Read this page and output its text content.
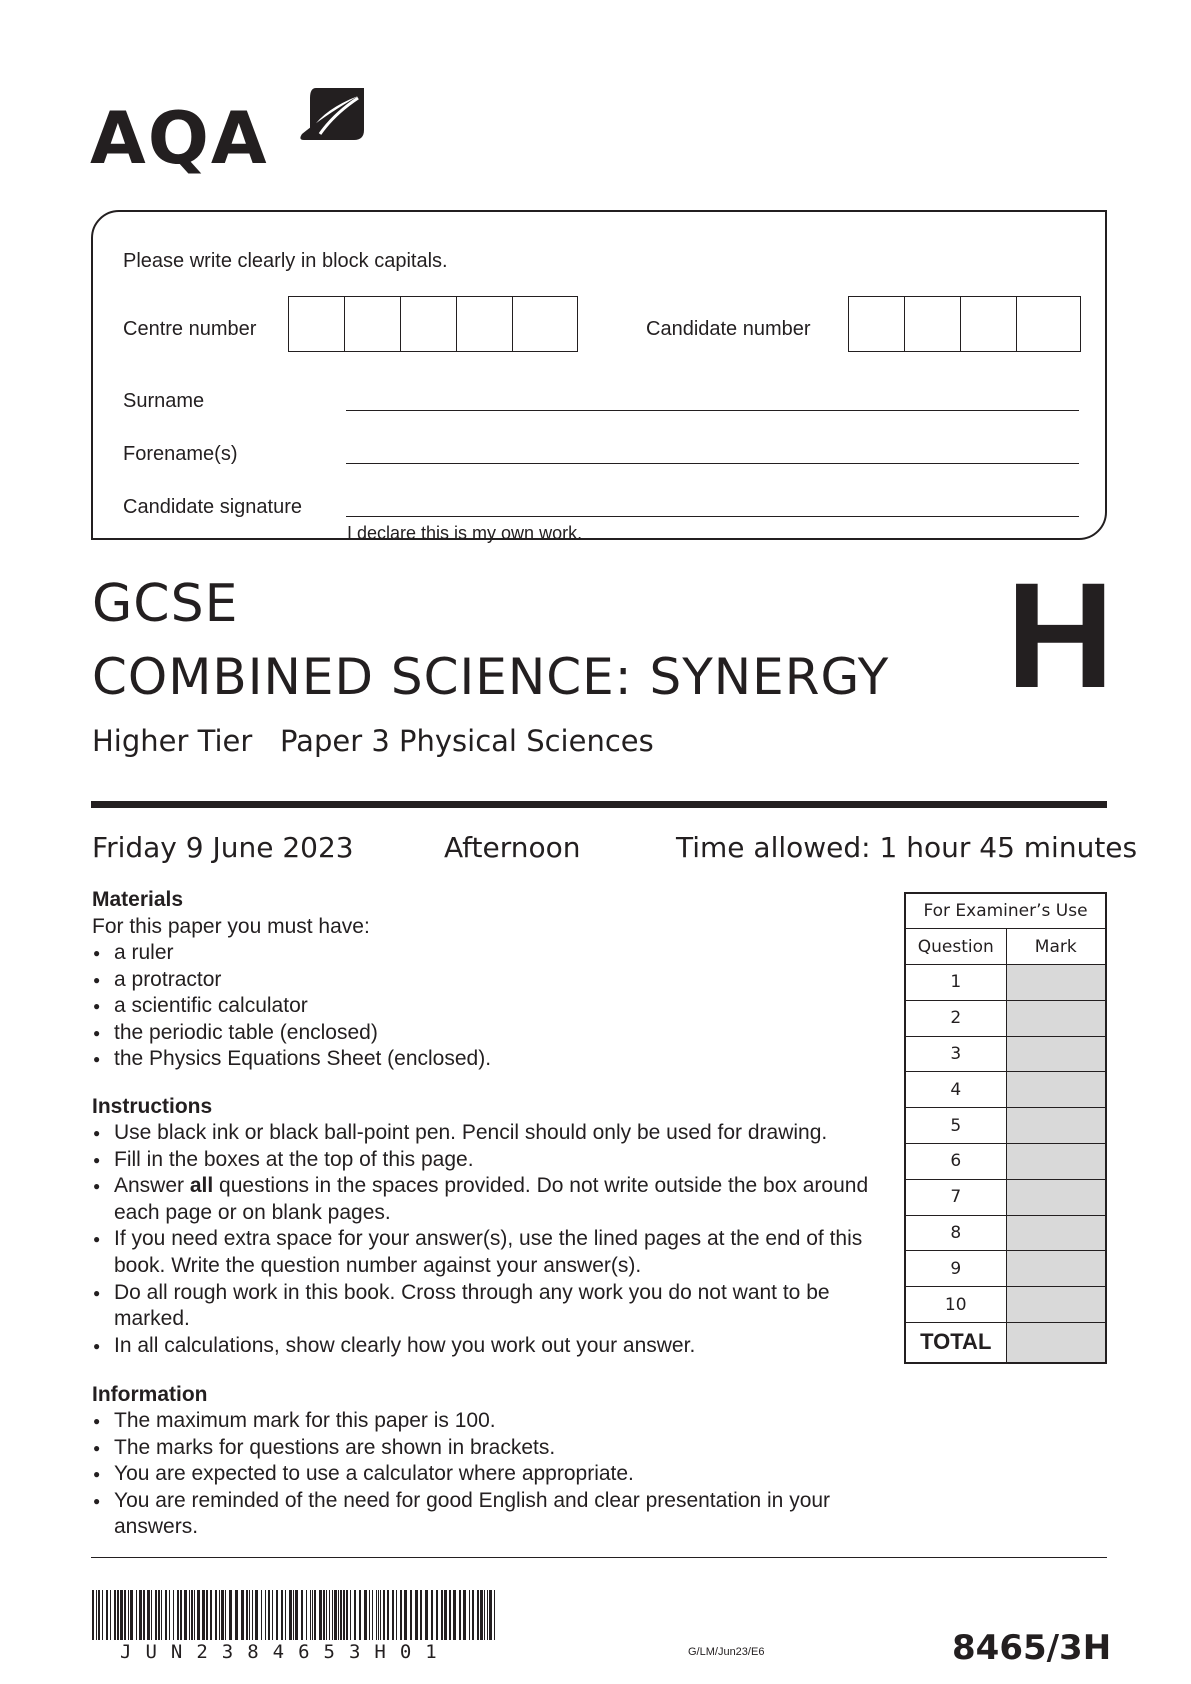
AQA
Please write clearly in block capitals.
Centre number	Candidate number
Surname
Forename(s)
Candidate signature
I declare this is my own work.
GCSE
COMBINED SCIENCE: SYNERGY
Higher Tier Paper 3 Physical Sciences
H
Friday 9 June 2023	Afternoon	Time allowed: 1 hour 45 minutes
Materials

For this paper you must have:

● a ruler
● a protractor
● a scientific calculator
● the periodic table (enclosed)
● the Physics Equations Sheet (enclosed).
Instructions
● Use black ink or black ball-point pen. Pencil should only be used for drawing.
● Fill in the boxes at the top of this page.
● Answer all questions in the spaces provided. Do not write outside the box around each page or on blank pages.
● If you need extra space for your answer(s), use the lined pages at the end of this book. Write the question number against your answer(s).
● Do all rough work in this book. Cross through any work you do not want to be marked.
● In all calculations, show clearly how you work out your answer.
Information
● The maximum mark for this paper is 100.
● The marks for questions are shown in brackets.
● You are expected to use a calculator where appropriate.
● You are reminded of the need for good English and clear presentation in your answers.
For Examiner’s Use	
Question	Mark
1	
2	
3	
4	
5	
6	
7	
8	
9	
10	
TOTAL	
JUN2384653H01	G/LM/Jun23/E6	8465/3H
